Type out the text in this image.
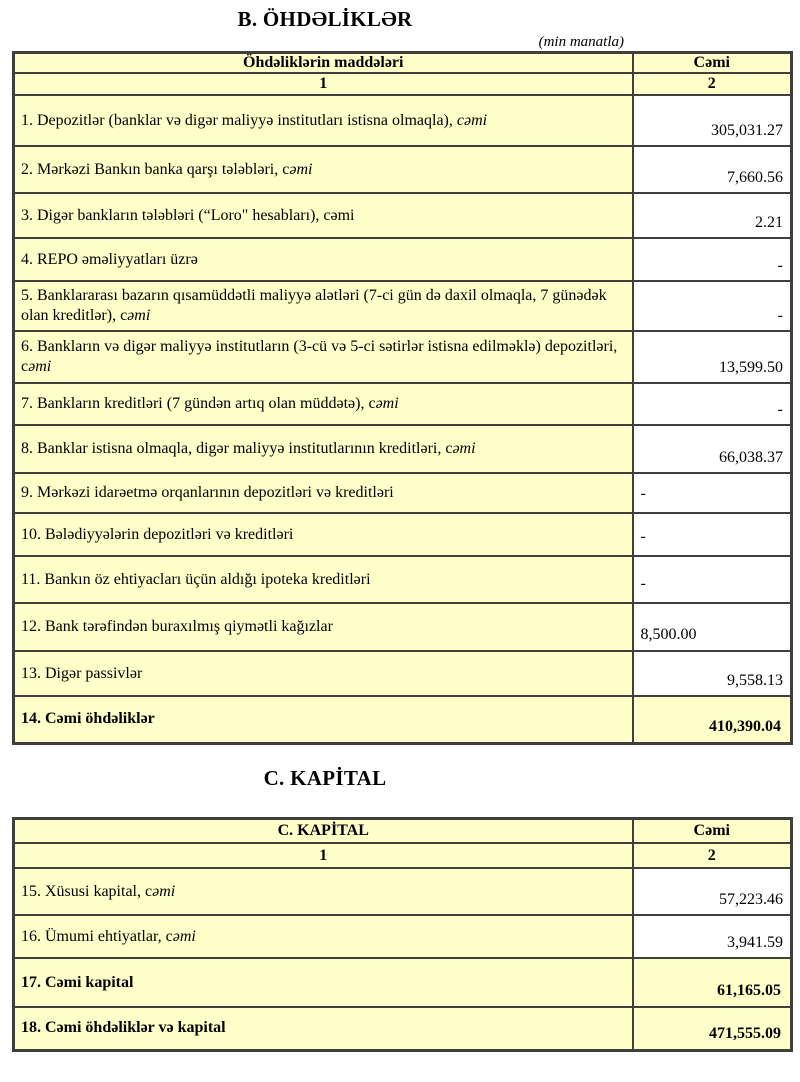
B. ÖHDƏLİKLƏR
(min manatla)
Öhdəliklərin maddələri	Cəmi
1	2
1. Depozitlər (banklar və digər maliyyə institutları istisna olmaqla), cəmi	305,031.27
2. Mərkəzi Bankın banka qarşı tələbləri, cəmi	7,660.56
3. Digər bankların tələbləri (“Loro" hesabları), cəmi	2.21
4. REPO əməliyyatları üzrə	-
5. Banklararası bazarın qısamüddətli maliyyə alətləri (7-ci gün də daxil olmaqla, 7 günədək olan kreditlər), cəmi	-
6. Bankların və digər maliyyə institutların (3-cü və 5-ci sətirlər istisna edilməklə) depozitləri, cəmi	13,599.50
7. Bankların kreditləri (7 gündən artıq olan müddətə), cəmi	-
8. Banklar istisna olmaqla, digər maliyyə institutlarının kreditləri, cəmi	66,038.37
9. Mərkəzi idarəetmə orqanlarının depozitləri və kreditləri	-
10. Bələdiyyələrin depozitləri və kreditləri	-
11. Bankın öz ehtiyacları üçün aldığı ipoteka kreditləri	-
12. Bank tərəfindən buraxılmış qiymətli kağızlar	8,500.00
13. Digər passivlər	9,558.13
14. Cəmi öhdəliklər	410,390.04
C. KAPİTAL
C. KAPİTAL	Cəmi
1	2
15. Xüsusi kapital, cəmi	57,223.46
16. Ümumi ehtiyatlar, cəmi	3,941.59
17. Cəmi kapital	61,165.05
18. Cəmi öhdəliklər və kapital	471,555.09
